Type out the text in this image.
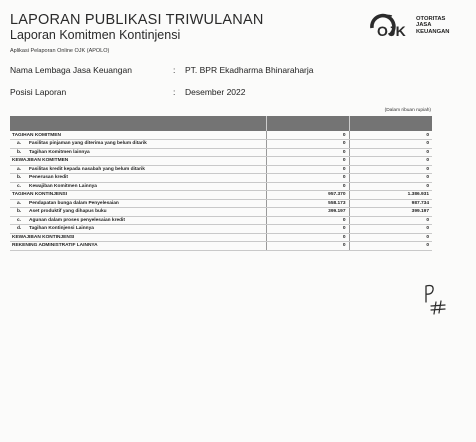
LAPORAN PUBLIKASI TRIWULANAN
Laporan Komitmen Kontinjensi
Aplikasi Pelaporan Online OJK (APOLO)
OJK
OTORITAS
JASA
KEUANGAN
Nama Lembaga Jasa Keuangan	: PT. BPR Ekadharma Bhinaraharja
Posisi Laporan	: Desember 2022
(Dalam ribuan rupiah)

TAGIHAN KOMITMEN	0	0
a. Fasilitas pinjaman yang diterima yang belum ditarik	0	0
b. Tagihan Komitmen lainnya	0	0
KEWAJIBAN KOMITMEN	0	0
a. Fasilitas kredit kepada nasabah yang belum ditarik	0	0
b. Penerusan kredit	0	0
c. Kewajiban Komitmen Lainnya	0	0
TAGIHAN KONTINJENSI	957.370	1.386.931
a. Pendapatan bunga dalam Penyelesaian	558.173	987.734
b. Aset produktif yang dihapus buku	399.197	399.197
c. Agunan dalam proses penyelesaian kredit	0	0
d. Tagihan Kontinjensi Lainnya	0	0
KEWAJIBAN KONTINJENSI	0	0
REKENING ADMINISTRATIF LAINNYA	0	0
